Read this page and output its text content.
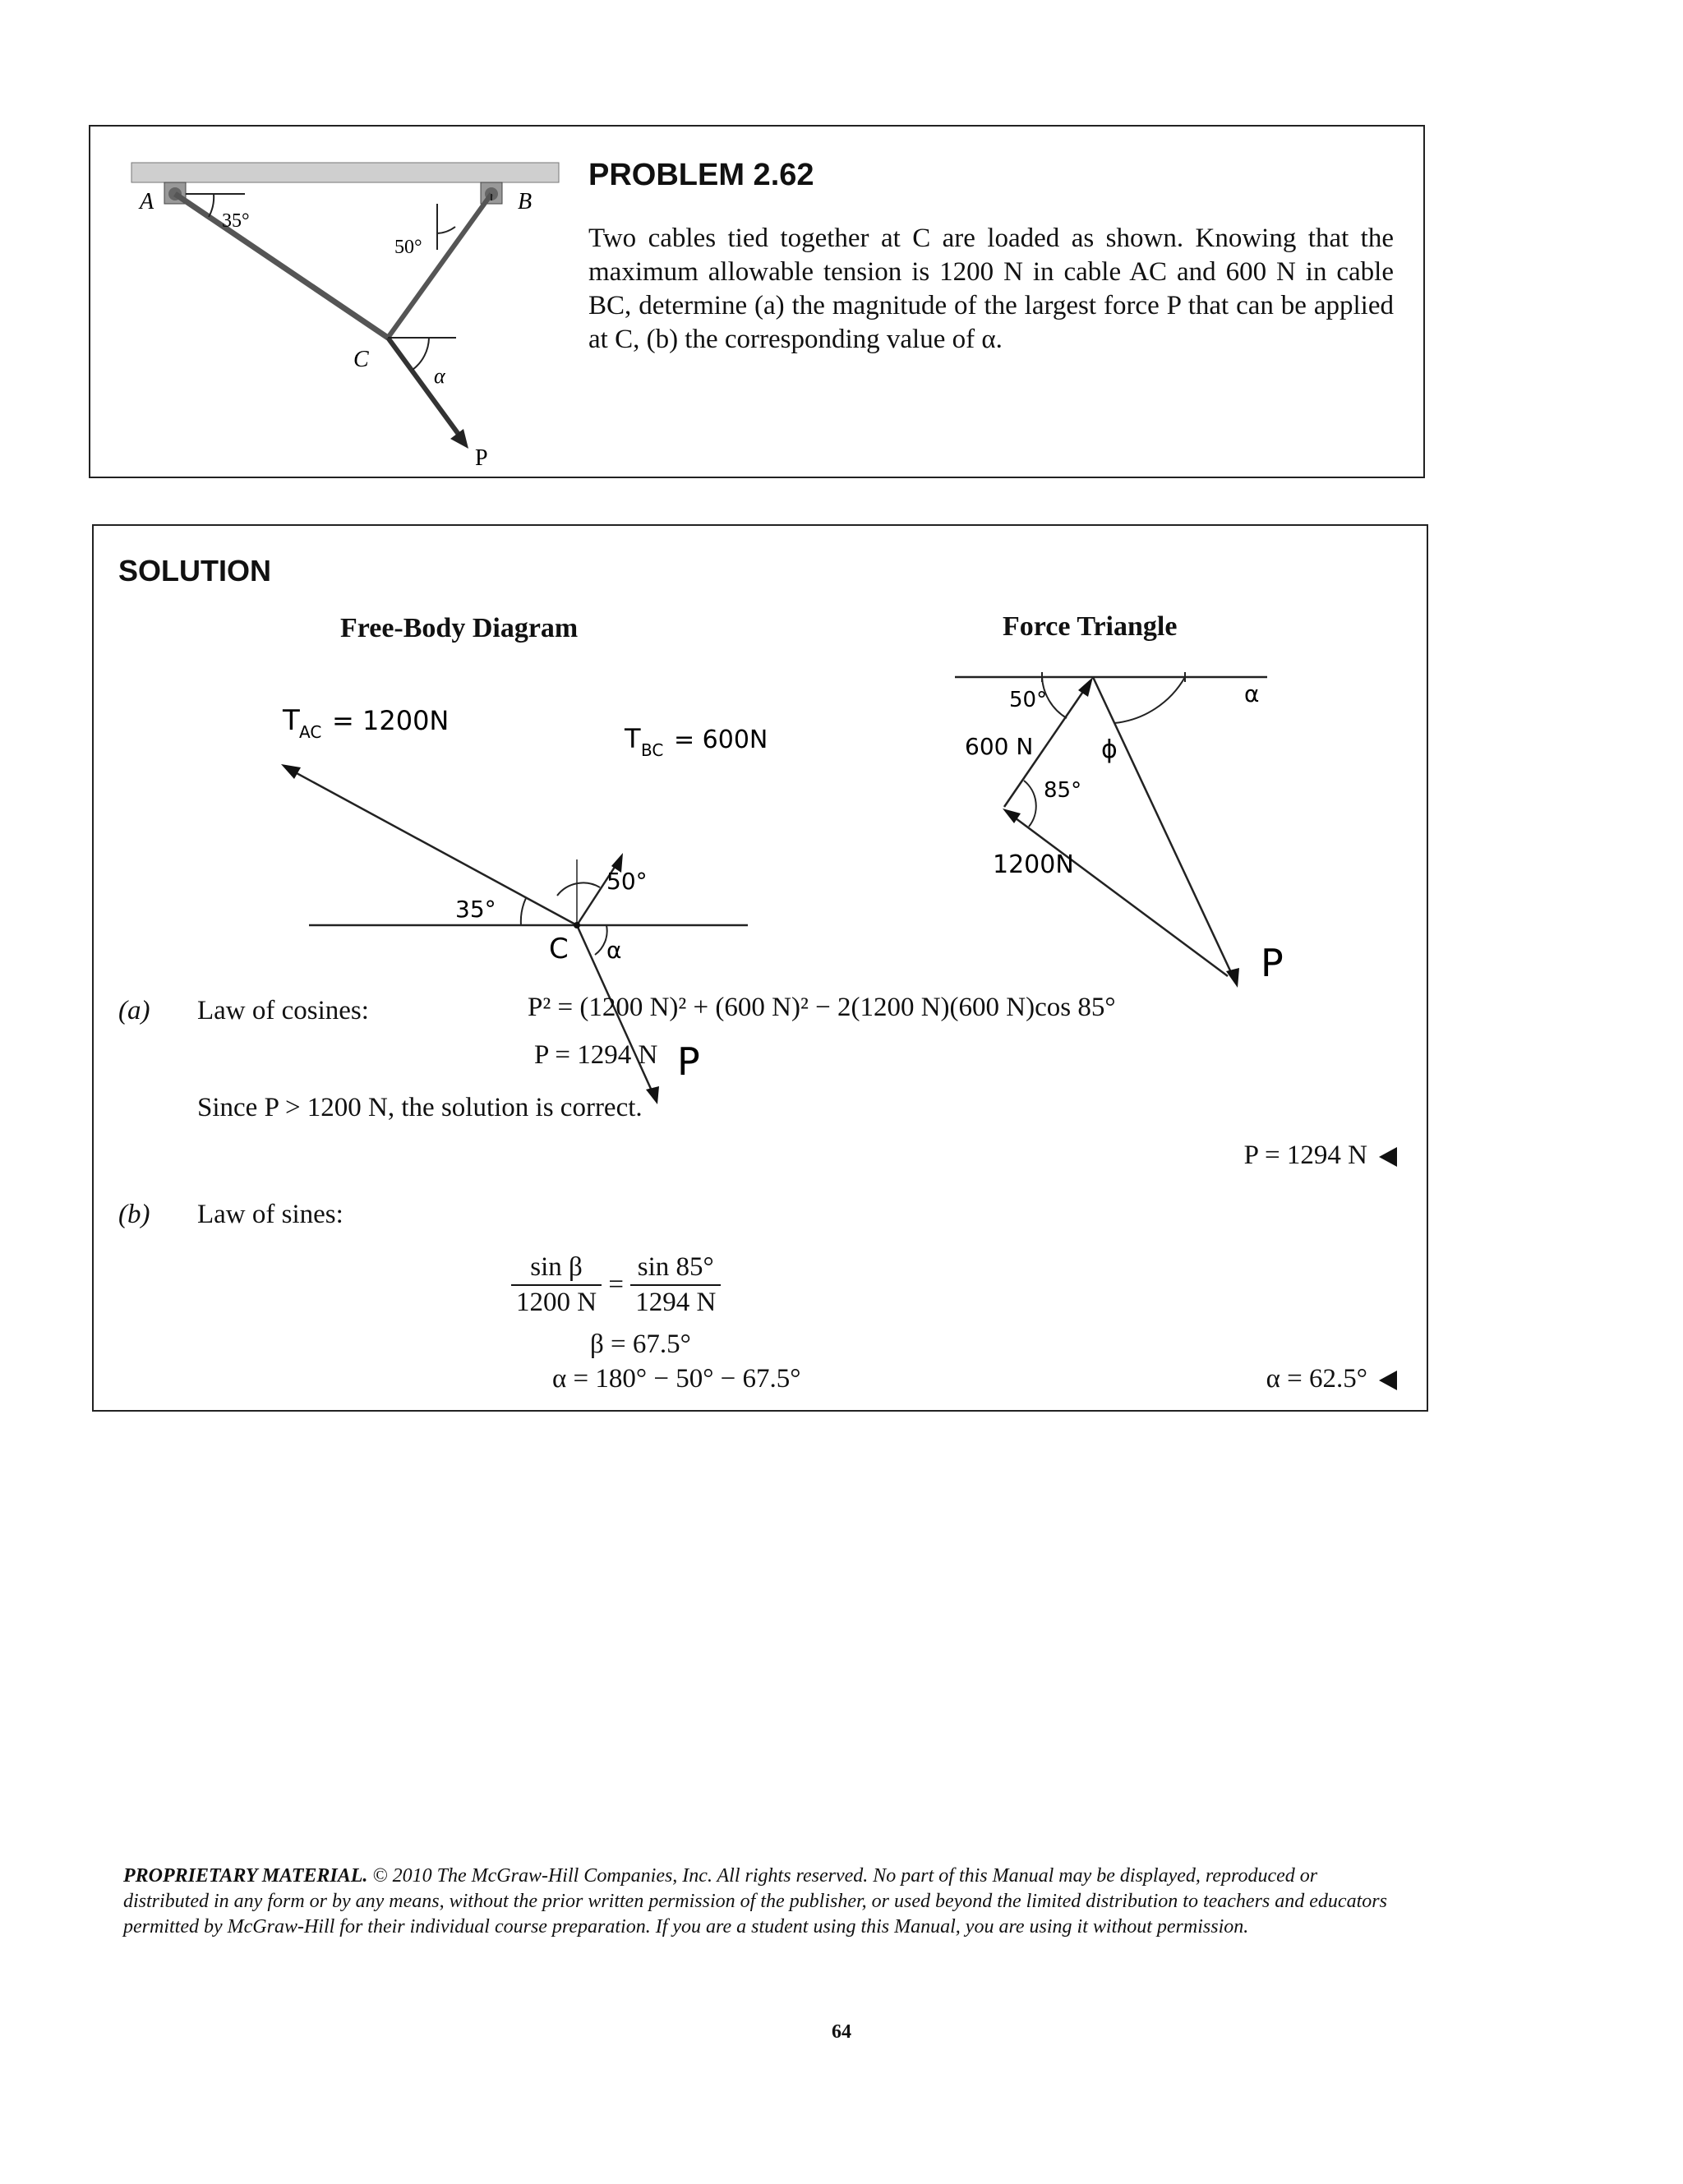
A	B
C
P
35°
50°
α
PROBLEM 2.62
Two cables tied together at C are loaded as shown. Knowing that the maximum allowable tension is 1200 N in cable AC and 600 N in cable BC, determine (a) the magnitude of the largest force P that can be applied at C, (b) the corresponding value of α.
SOLUTION
Free-Body Diagram
T AC = 1200N
T BC = 600N
35°
50°
C α
P
Force Triangle
50°
600 N	ϕ
85°
1200N
α
P
(a) Law of cosines:	P² = (1200 N)² + (600 N)² − 2(1200 N)(600 N)cos 85°
P = 1294 N
Since P > 1200 N, the solution is correct.
P = 1294 N
(b) Law of sines:
$\frac{\text{sin β}}{1200 N} = \frac{\sin 85^\circ}{1294 N}$
β = 67.5°
α = 180° − 50° − 67.5°	α = 62.5°
PROPRIETARY MATERIAL. © 2010 The McGraw-Hill Companies, Inc. All rights reserved. No part of this Manual may be displayed, reproduced or distributed in any form or by any means, without the prior written permission of the publisher, or used beyond the limited distribution to teachers and educators permitted by McGraw-Hill for their individual course preparation. If you are a student using this Manual, you are using it without permission.
64
